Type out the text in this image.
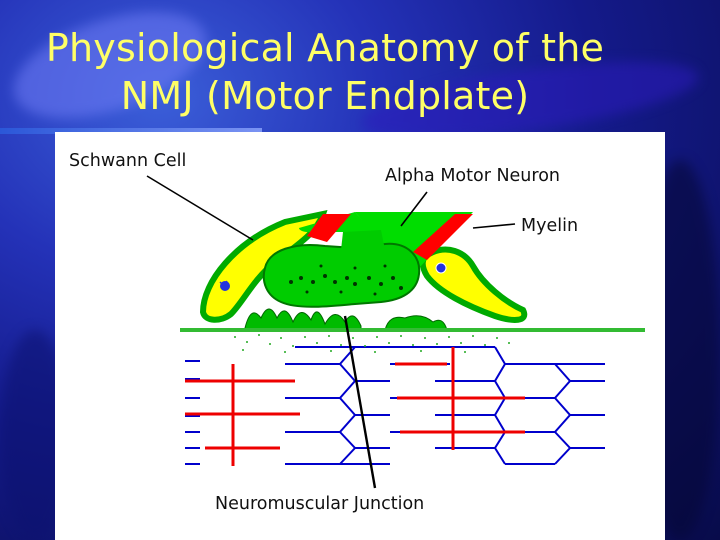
Physiological Anatomy of the
NMJ (Motor Endplate)
Schwann Cell
Alpha Motor Neuron
Myelin
Neuromuscular Junction
